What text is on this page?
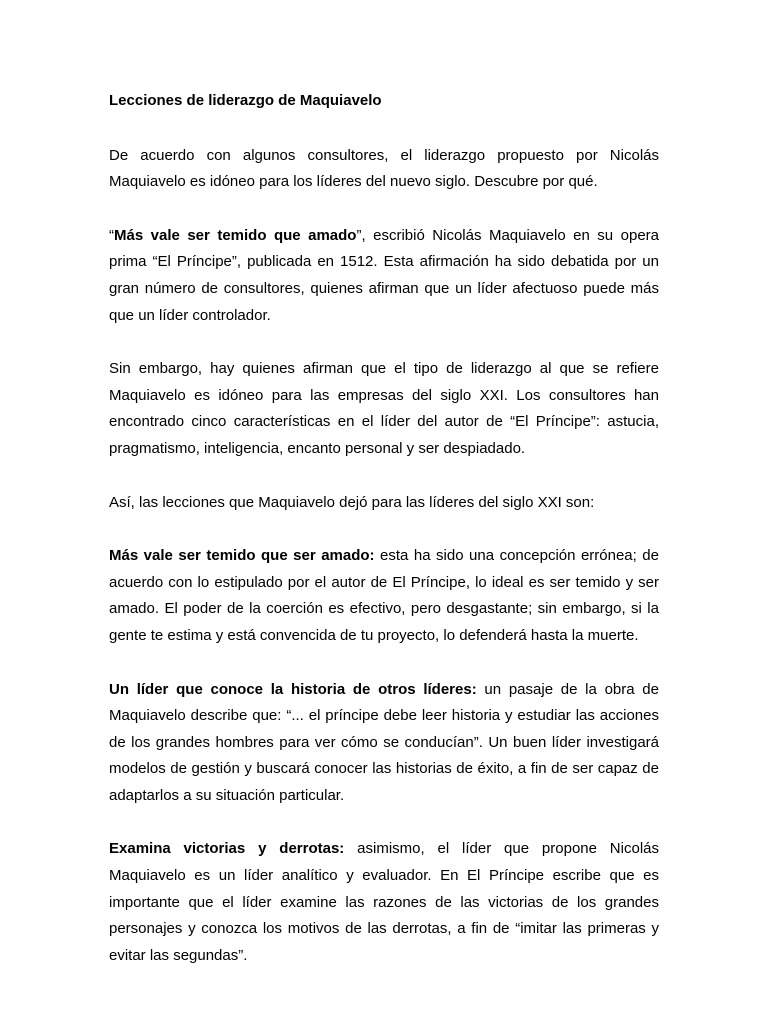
Lecciones de liderazgo de Maquiavelo

De acuerdo con algunos consultores, el liderazgo propuesto por Nicolás Maquiavelo es idóneo para los líderes del nuevo siglo. Descubre por qué.

“Más vale ser temido que amado”, escribió Nicolás Maquiavelo en su opera prima “El Príncipe”, publicada en 1512. Esta afirmación ha sido debatida por un gran número de consultores, quienes afirman que un líder afectuoso puede más que un líder controlador.

Sin embargo, hay quienes afirman que el tipo de liderazgo al que se refiere Maquiavelo es idóneo para las empresas del siglo XXI. Los consultores han encontrado cinco características en el líder del autor de “El Príncipe”: astucia, pragmatismo, inteligencia, encanto personal y ser despiadado.

Así, las lecciones que Maquiavelo dejó para las líderes del siglo XXI son:

Más vale ser temido que ser amado: esta ha sido una concepción errónea; de acuerdo con lo estipulado por el autor de El Príncipe, lo ideal es ser temido y ser amado. El poder de la coerción es efectivo, pero desgastante; sin embargo, si la gente te estima y está convencida de tu proyecto, lo defenderá hasta la muerte.

Un líder que conoce la historia de otros líderes: un pasaje de la obra de Maquiavelo describe que: “... el príncipe debe leer historia y estudiar las acciones de los grandes hombres para ver cómo se conducían”. Un buen líder investigará modelos de gestión y buscará conocer las historias de éxito, a fin de ser capaz de adaptarlos a su situación particular.

Examina victorias y derrotas: asimismo, el líder que propone Nicolás Maquiavelo es un líder analítico y evaluador. En El Príncipe escribe que es importante que el líder examine las razones de las victorias de los grandes personajes y conozca los motivos de las derrotas, a fin de “imitar las primeras y evitar las segundas”.
